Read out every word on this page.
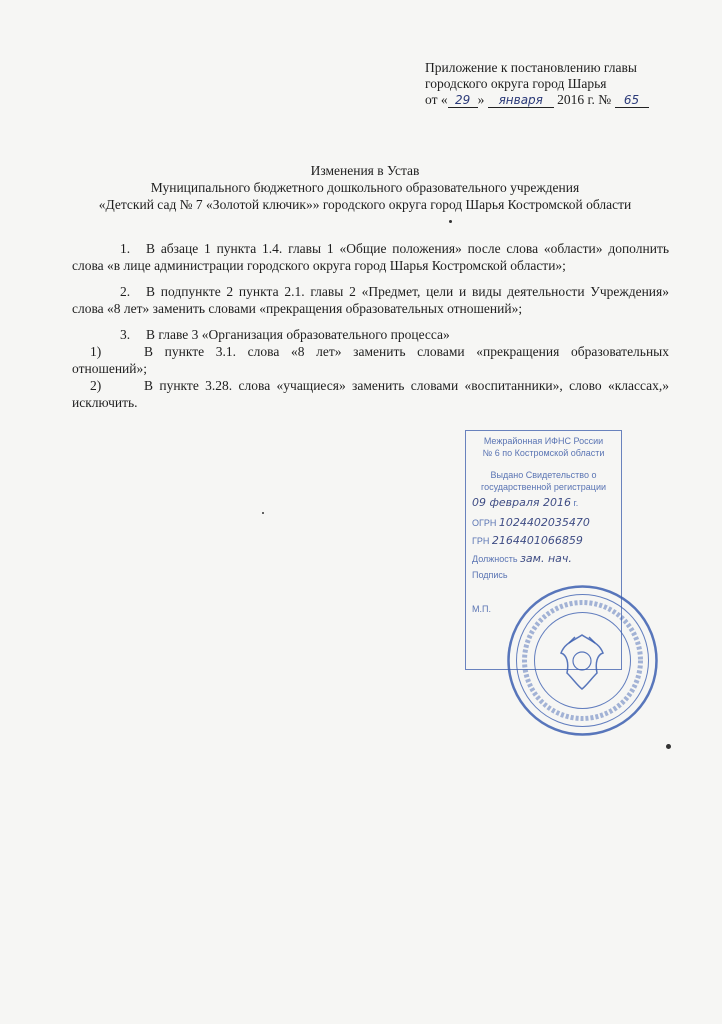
Приложение к постановлению главы
городского округа город Шарья
от « 29 » января 2016 г. № 65
Изменения в Устав
Муниципального бюджетного дошкольного образовательного учреждения
«Детский сад № 7 «Золотой ключик»» городского округа город Шарья Костромской области

1. В абзаце 1 пункта 1.4. главы 1 «Общие положения» после слова «области» дополнить слова «в лице администрации городского округа город Шарья Костромской области»;

2. В подпункте 2 пункта 2.1. главы 2 «Предмет, цели и виды деятельности Учреждения» слова «8 лет» заменить словами «прекращения образовательных отношений»;

3. В главе 3 «Организация образовательного процесса»

1)	В пункте 3.1. слова «8 лет» заменить словами «прекращения образовательных отношений»;

2)	В пункте 3.28. слова «учащиеся» заменить словами «воспитанники», слово «классах,» исключить.

Межрайонная ИФНС России
№ 6 по Костромской области
Выдано Свидетельство о
государственной регистрации
09 февраля 2016 г.
ОГРН 1024402035470
ГРН 2164401066859
Должность зам. нач.
Подпись
М.П.
